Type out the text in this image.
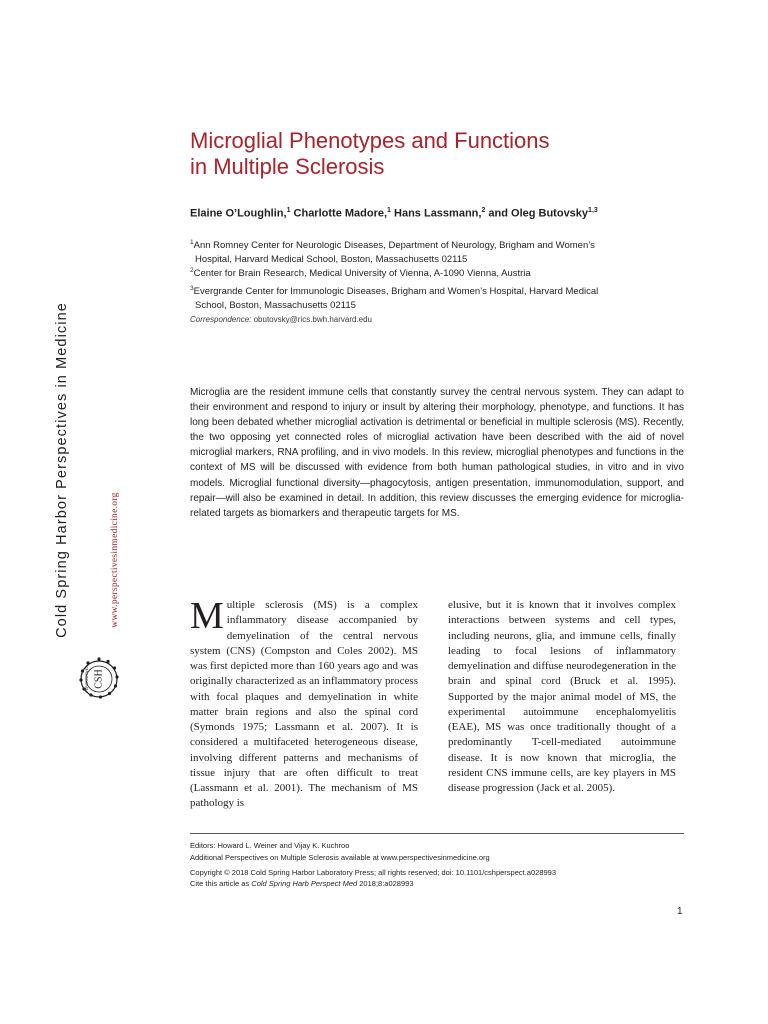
Cold Spring Harbor Perspectives in Medicine	www.perspectivesinmedicine.org
CSH
PERSPECTIVES
Microglial Phenotypes and Functions
in Multiple Sclerosis
Elaine O’Loughlin,$^1$ Charlotte Madore,$^1$ Hans Lassmann,$^2$ and Oleg Butovsky$^{1,3}$
$^1$Ann Romney Center for Neurologic Diseases, Department of Neurology, Brigham and Women’s
Hospital, Harvard Medical School, Boston, Massachusetts 02115
$^2$Center for Brain Research, Medical University of Vienna, A-1090 Vienna, Austria
$^3$Evergrande Center for Immunologic Diseases, Brigham and Women’s Hospital, Harvard Medical
School, Boston, Massachusetts 02115
Correspondence: obutovsky@rics.bwh.harvard.edu
Microglia are the resident immune cells that constantly survey the central nervous system. They can adapt to their environment and respond to injury or insult by altering their morphology, phenotype, and functions. It has long been debated whether microglial activation is detrimental or beneficial in multiple sclerosis (MS). Recently, the two opposing yet connected roles of microglial activation have been described with the aid of novel microglial markers, RNA profiling, and in vivo models. In this review, microglial phenotypes and functions in the context of MS will be discussed with evidence from both human pathological studies, in vitro and in vivo models. Microglial functional diversity—phagocytosis, antigen presentation, immunomodulation, support, and repair—will also be examined in detail. In addition, this review discusses the emerging evidence for microglia-related targets as biomarkers and therapeutic targets for MS.
Multiple sclerosis (MS) is a complex inflammatory disease accompanied by demyelination of the central nervous system (CNS) (Compston and Coles 2002). MS was first depicted more than 160 years ago and was originally characterized as an inflammatory process with focal plaques and demyelination in white matter brain regions and also the spinal cord (Symonds 1975; Lassmann et al. 2007). It is considered a multifaceted heterogeneous disease, involving different patterns and mechanisms of tissue injury that are often difficult to treat (Lassmann et al. 2001). The mechanism of MS pathology is
elusive, but it is known that it involves complex interactions between systems and cell types, including neurons, glia, and immune cells, finally leading to focal lesions of inflammatory demyelination and diffuse neurodegeneration in the brain and spinal cord (Bruck et al. 1995). Supported by the major animal model of MS, the experimental autoimmune encephalomyelitis (EAE), MS was once traditionally thought of a predominantly T-cell-mediated autoimmune disease. It is now known that microglia, the resident CNS immune cells, are key players in MS disease progression (Jack et al. 2005).
Editors: Howard L. Weiner and Vijay K. Kuchroo
Additional Perspectives on Multiple Sclerosis available at www.perspectivesinmedicine.org
Copyright © 2018 Cold Spring Harbor Laboratory Press; all rights reserved; doi: 10.1101/cshperspect.a028993
Cite this article as Cold Spring Harb Perspect Med 2018;8:a028993
1
